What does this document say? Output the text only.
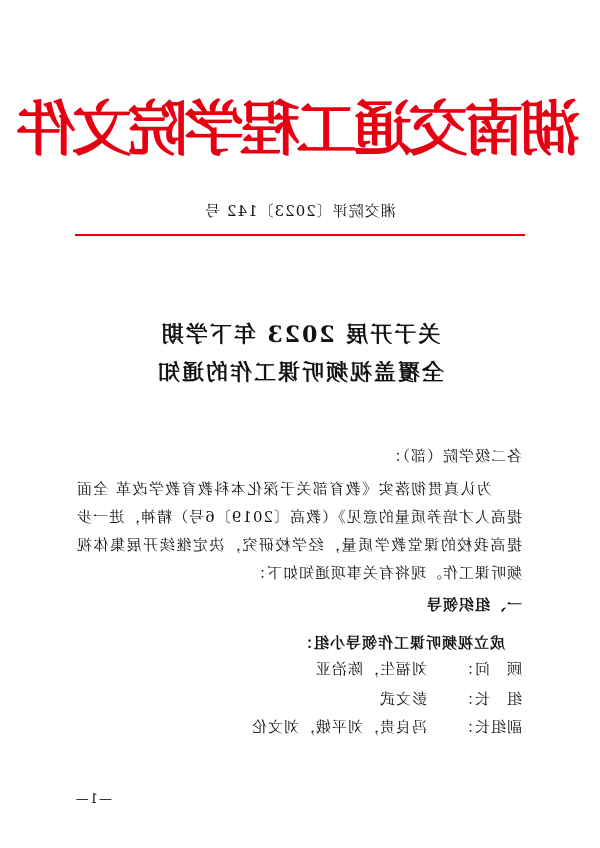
湖南交通工程学院文件
湘交院评〔2023〕142 号
关于开展 2023 年下学期
全覆盖视频听课工作的通知
各二级学院（部）：
为认真贯彻落实《教育部关于深化本科教育教学改革 全面提高人才培养质量的意见》（教高〔2019〕6号）精神，进一步提高我校的课堂教学质量，经学校研究，决定继续开展集体视频听课工作。现将有关事项通知如下：
一、组织领导
成立视频听课工作领导小组：
顾　问：刘福生，陈治亚
组　长：彭文武
副组长：冯良贵，刘平娥，刘文伦
—1—
